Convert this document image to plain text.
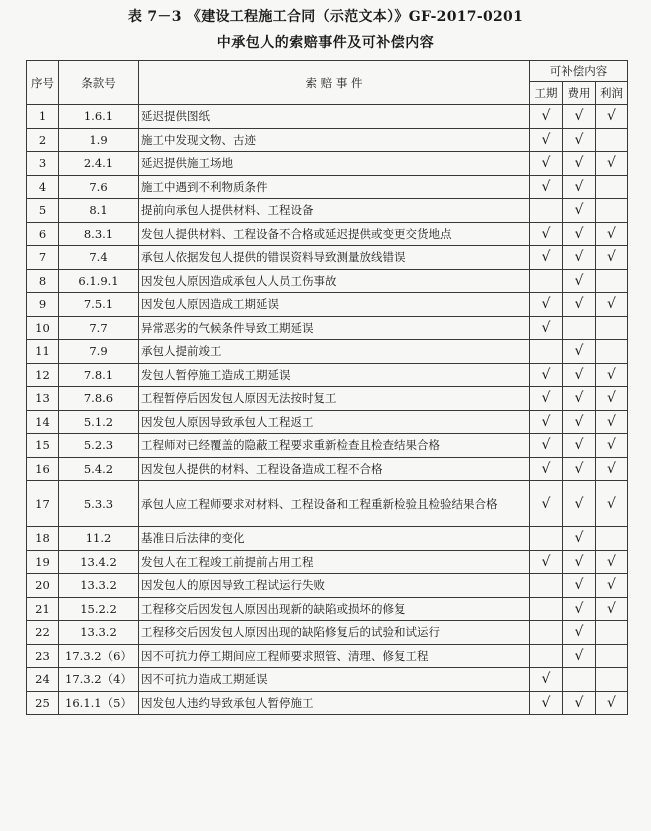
表 7－3 《建设工程施工合同（示范文本）》GF-2017-0201
中承包人的索赔事件及可补偿内容
序号	条款号	索 赔 事 件	可补偿内容		
			工期	费用	利润
1	1.6.1	延迟提供图纸	√	√	√
2	1.9	施工中发现文物、古迹	√	√	
3	2.4.1	延迟提供施工场地	√	√	√
4	7.6	施工中遇到不利物质条件	√	√	
5	8.1	提前向承包人提供材料、工程设备		√	
6	8.3.1	发包人提供材料、工程设备不合格或延迟提供或变更交货地点	√	√	√
7	7.4	承包人依据发包人提供的错误资料导致测量放线错误	√	√	√
8	6.1.9.1	因发包人原因造成承包人人员工伤事故		√	
9	7.5.1	因发包人原因造成工期延误	√	√	√
10	7.7	异常恶劣的气候条件导致工期延误	√		
11	7.9	承包人提前竣工		√	
12	7.8.1	发包人暂停施工造成工期延误	√	√	√
13	7.8.6	工程暂停后因发包人原因无法按时复工	√	√	√
14	5.1.2	因发包人原因导致承包人工程返工	√	√	√
15	5.2.3	工程师对已经覆盖的隐蔽工程要求重新检查且检查结果合格	√	√	√
16	5.4.2	因发包人提供的材料、工程设备造成工程不合格	√	√	√
17	5.3.3	承包人应工程师要求对材料、工程设备和工程重新检验且检验结果合格	√	√	√
18	11.2	基准日后法律的变化		√	
19	13.4.2	发包人在工程竣工前提前占用工程	√	√	√
20	13.3.2	因发包人的原因导致工程试运行失败		√	√
21	15.2.2	工程移交后因发包人原因出现新的缺陷或损坏的修复		√	√
22	13.3.2	工程移交后因发包人原因出现的缺陷修复后的试验和试运行		√	
23	17.3.2（6）	因不可抗力停工期间应工程师要求照管、清理、修复工程		√	
24	17.3.2（4）	因不可抗力造成工期延误	√		
25	16.1.1（5）	因发包人违约导致承包人暂停施工	√	√	√
